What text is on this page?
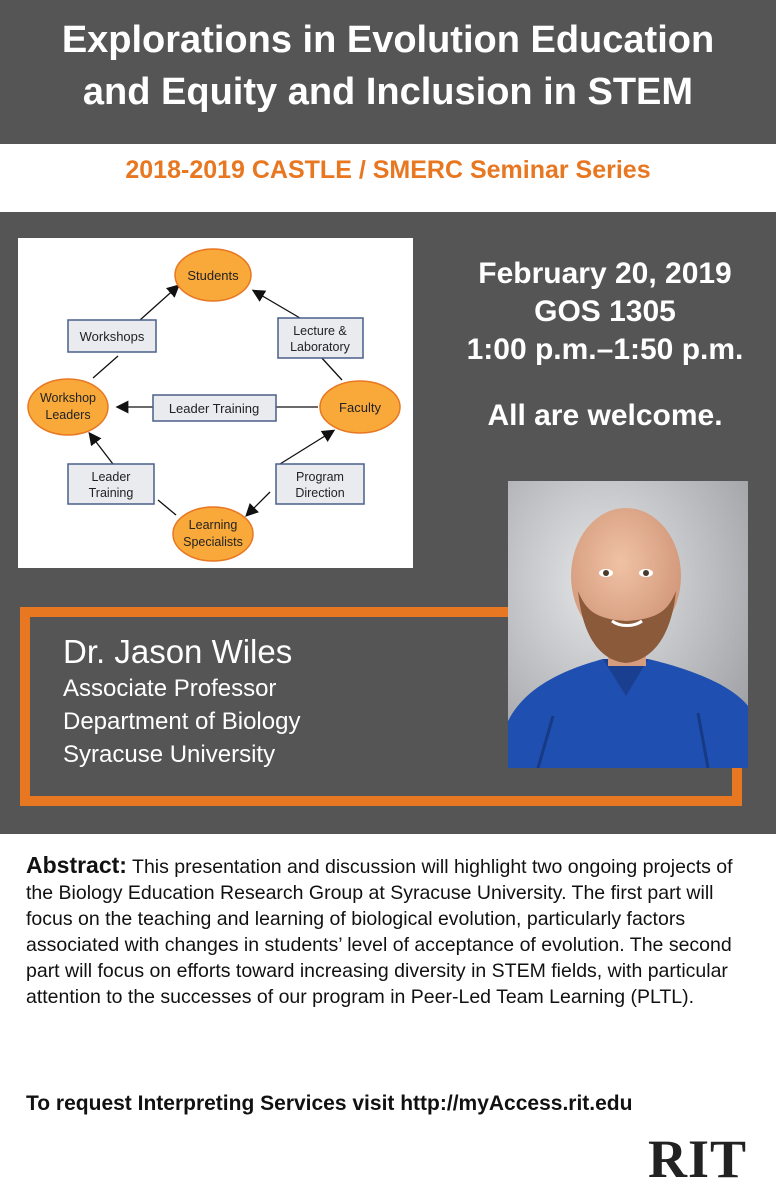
Explorations in Evolution Education
and Equity and Inclusion in STEM
2018-2019 CASTLE / SMERC Seminar Series
Students
Workshop
Leaders	Faculty
Learning
Specialists
Workshops	Lecture &
Laboratory
Leader Training
Leader
Training
Program
Direction
February 20, 2019
GOS 1305
1:00 p.m.–1:50 p.m.
All are welcome.
Dr. Jason Wiles
Associate Professor
Department of Biology
Syracuse University
Abstract: This presentation and discussion will highlight two ongoing projects of the Biology Education Research Group at Syracuse University. The first part will focus on the teaching and learning of biological evolution, particularly factors associated with changes in students’ level of acceptance of evolution. The second part will focus on efforts toward increasing diversity in STEM fields, with particular attention to the successes of our program in Peer-Led Team Learning (PLTL).
To request Interpreting Services visit http://myAccess.rit.edu
RIT
